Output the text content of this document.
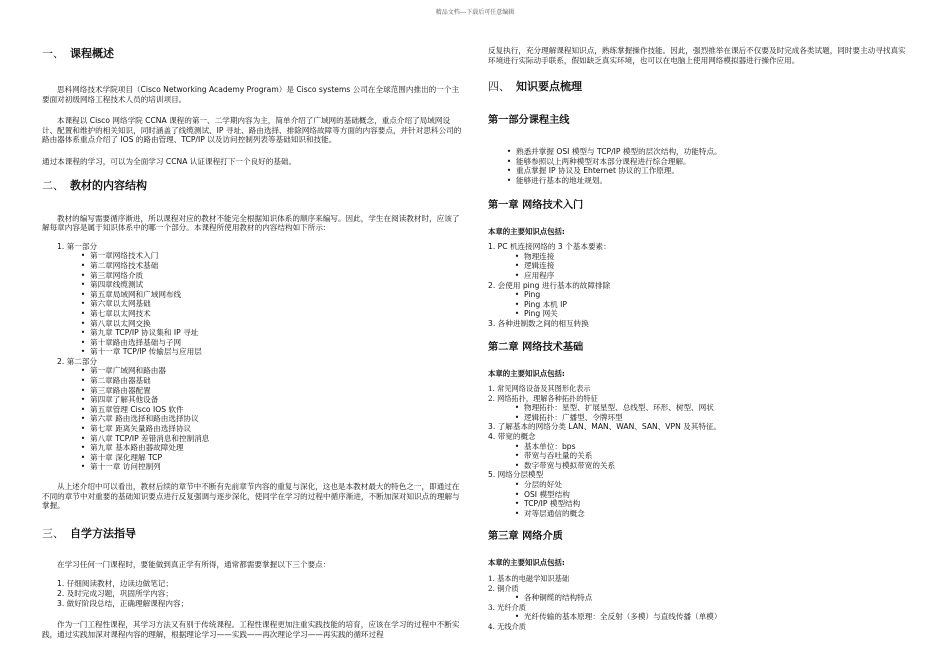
精品文档---下载后可任意编辑
一、 课程概述

思科网络技术学院项目（Cisco Networking Academy Program）是 Cisco systems 公司在全球范围内推出的一个主要面对初级网络工程技术人员的培训项目。

本课程以 Cisco 网络学院 CCNA 课程的第一、二学期内容为主，简单介绍了广域网的基础概念，重点介绍了局域网设计、配置和维护的相关知识，同时涵盖了线缆测试、IP 寻址、路由选择、排除网络故障等方面的内容要点，并针对思科公司的路由器体系重点介绍了 IOS 的路由管理、TCP/IP 以及访问控制列表等基础知识和技能。

通过本课程的学习，可以为全面学习 CCNA 认证课程打下一个良好的基础。

二、 教材的内容结构

教材的编写需要循序渐进，所以课程对应的教材不能完全根据知识体系的顺序来编写。因此，学生在阅读教材时，应该了解每章内容是属于知识体系中的哪一个部分。本课程所使用教材的内容结构如下所示:

1. 第一部分

• 第一章网络技术入门
• 第二章网络技术基础
• 第三章网络介质
• 第四章线缆测试
• 第五章局域网和广域网布线
• 第六章以太网基础
• 第七章以太网技术
• 第八章以太网交换
• 第九章 TCP/IP 协议集和 IP 寻址
• 第十章路由选择基础与子网
• 第十一章 TCP/IP 传输层与应用层

2. 第二部分

• 第一章广域网和路由器
• 第二章路由器基础
• 第三章路由器配置
• 第四章了解其他设备
• 第五章管理 Cisco IOS 软件
• 第六章 路由选择和路由选择协议
• 第七章 距离矢量路由选择协议
• 第八章 TCP/IP 差错消息和控制消息
• 第九章 基本路由器故障处理
• 第十章 深化理解 TCP
• 第十一章 访问控制列

从上述介绍中可以看出，教材后续的章节中不断有先前章节内容的重复与深化，这也是本教材最大的特色之一，即通过在不同的章节中对重要的基础知识要点进行反复强调与逐步深化，使同学在学习的过程中循序渐进，不断加深对知识点的理解与掌握。

三、 自学方法指导

在学习任何一门课程时，要能做到真正学有所得，通常都需要掌握以下三个要点：

1. 仔细阅读教材，边读边做笔记；
2. 及时完成习题，巩固所学内容；
3. 做好阶段总结，正确理解课程内容；

作为一门工程性课程，其学习方法又有别于传统课程。工程性课程更加注重实践技能的培育，应该在学习的过程中不断实践，通过实践加深对课程内容的理解，根据理论学习——实践——再次理论学习——再实践的循环过程

反复执行，充分理解课程知识点，熟练掌握操作技能。因此，强烈推举在课后不仅要及时完成各类试题，同时要主动寻找真实环境进行实际动手联系，假如缺乏真实环境，也可以在电脑上使用网络模拟器进行操作应用。

四、 知识要点梳理

第一部分课程主线

• 熟悉并掌握 OSI 模型与 TCP/IP 模型的层次结构，功能特点。
• 能够参照以上两种模型对本部分课程进行综合理解。
• 重点掌握 IP 协议及 Ehternet 协议的工作原理。
• 能够进行基本的地址规划。

第一章 网络技术入门

本章的主要知识点包括:

1. PC 机连接网络的 3 个基本要素：

• 物理连接
• 逻辑连接
• 应用程序

2. 会使用 ping 进行基本的故障排除

• Ping
• Ping 本机 IP
• Ping 网关

3. 各种进制数之间的相互转换

第二章 网络技术基础

本章的主要知识点包括:

1. 常见网络设备及其图形化表示

2. 网络拓扑，理解各种拓扑的特征

• 物理拓扑：星型、扩展星型、总线型、环形、树型、网状
• 逻辑拓扑：广播型、令牌环型

3. 了解基本的网络分类 LAN、MAN、WAN、SAN、VPN 及其特征。

4. 带宽的概念

• 基本单位：bps
• 带宽与吞吐量的关系
• 数字带宽与模拟带宽的关系

5. 网络分层模型

• 分层的好处
• OSI 模型结构
• TCP/IP 模型结构
• 对等层通信的概念

第三章 网络介质

本章的主要知识点包括:

1. 基本的电磁学知识基础

2. 铜介质

• 各种铜缆的结构特点

3. 光纤介质

• 光纤传输的基本原理：全反射（多模）与直线传播（单模）

4. 无线介质
